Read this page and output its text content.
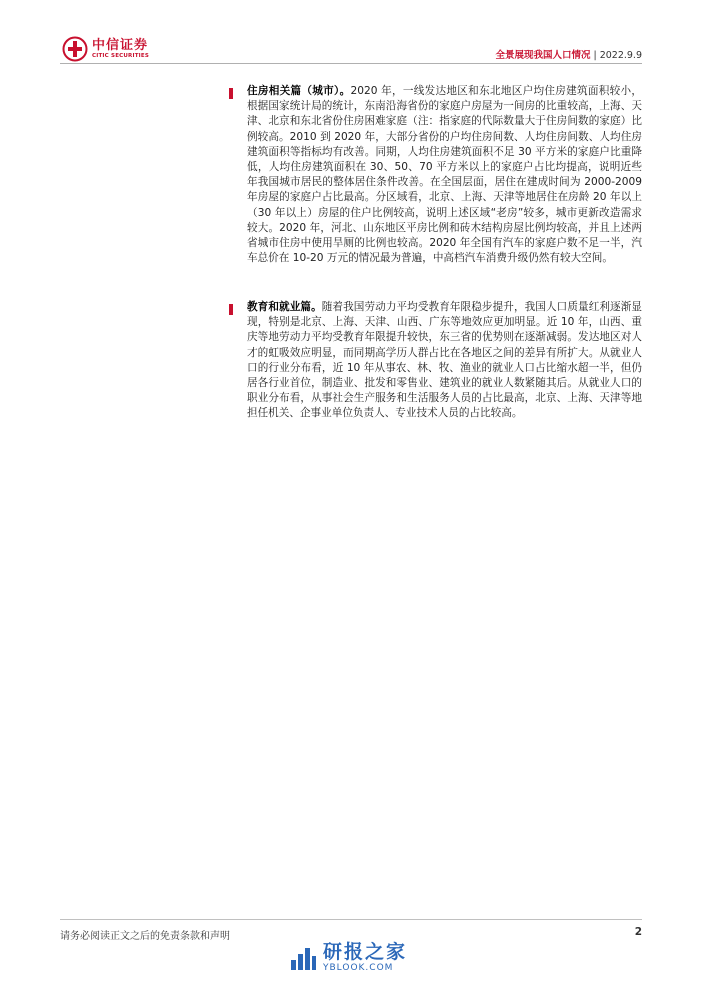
中信证券
CITIC SECURITIES	全景展现我国人口情况 | 2022.9.9
住房相关篇（城市）。2020 年，一线发达地区和东北地区户均住房建筑面积较小，根据国家统计局的统计，东南沿海省份的家庭户房屋为一间房的比重较高，上海、天津、北京和东北省份住房困难家庭（注：指家庭的代际数量大于住房间数的家庭）比例较高。2010 到 2020 年，大部分省份的户均住房间数、人均住房间数、人均住房建筑面积等指标均有改善。同期，人均住房建筑面积不足 30 平方米的家庭户比重降低，人均住房建筑面积在 30、50、70 平方米以上的家庭户占比均提高，说明近些年我国城市居民的整体居住条件改善。在全国层面，居住在建成时间为 2000-2009 年房屋的家庭户占比最高。分区域看，北京、上海、天津等地居住在房龄 20 年以上（30 年以上）房屋的住户比例较高，说明上述区域“老房”较多，城市更新改造需求较大。2020 年，河北、山东地区平房比例和砖木结构房屋比例均较高，并且上述两省城市住房中使用旱厕的比例也较高。2020 年全国有汽车的家庭户数不足一半，汽车总价在 10-20 万元的情况最为普遍，中高档汽车消费升级仍然有较大空间。
教育和就业篇。随着我国劳动力平均受教育年限稳步提升，我国人口质量红利逐渐显现，特别是北京、上海、天津、山西、广东等地效应更加明显。近 10 年，山西、重庆等地劳动力平均受教育年限提升较快，东三省的优势则在逐渐减弱。发达地区对人才的虹吸效应明显，而同期高学历人群占比在各地区之间的差异有所扩大。从就业人口的行业分布看，近 10 年从事农、林、牧、渔业的就业人口占比缩水超一半，但仍居各行业首位，制造业、批发和零售业、建筑业的就业人数紧随其后。从就业人口的职业分布看，从事社会生产服务和生活服务人员的占比最高，北京、上海、天津等地担任机关、企事业单位负责人、专业技术人员的占比较高。
请务必阅读正文之后的免责条款和声明	2
研报之家
YBLOOK.COM
